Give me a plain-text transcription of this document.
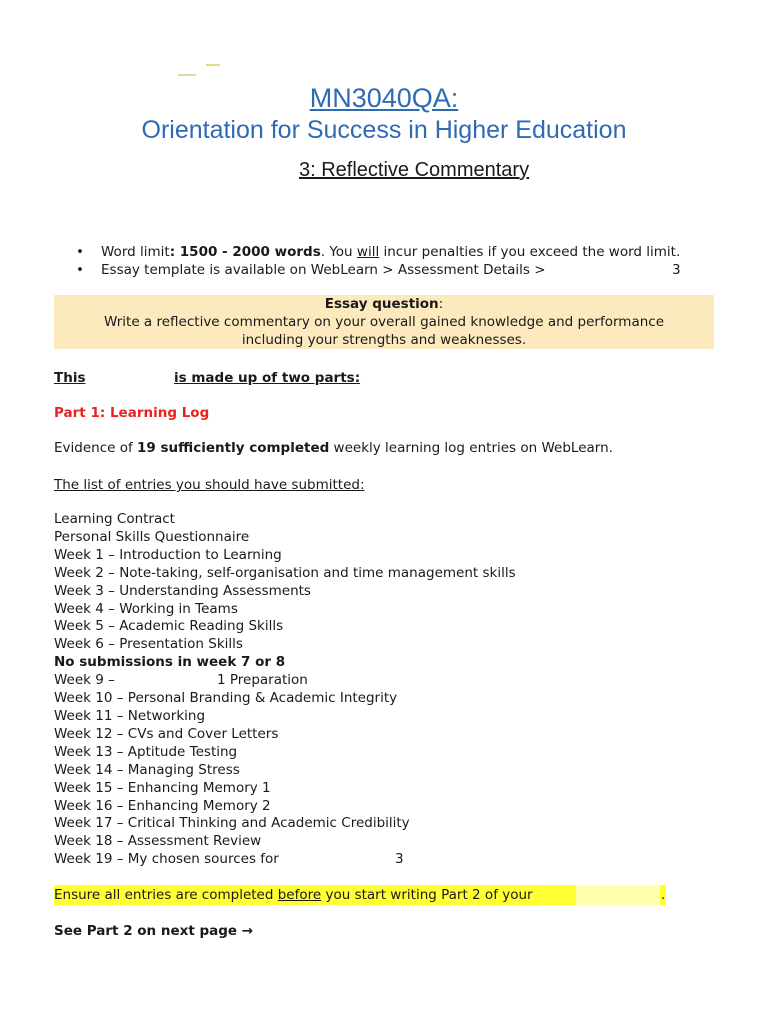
MN3040QA:
Orientation for Success in Higher Education
3: Reflective Commentary
• Word limit: 1500 - 2000 words. You will incur penalties if you exceed the word limit.
• Essay template is available on WebLearn > Assessment Details >	3
Essay question:
Write a reflective commentary on your overall gained knowledge and performance
including your strengths and weaknesses.
This	is made up of two parts:
Part 1: Learning Log
Evidence of 19 sufficiently completed weekly learning log entries on WebLearn.
The list of entries you should have submitted:
Learning Contract
Personal Skills Questionnaire
Week 1 – Introduction to Learning
Week 2 – Note-taking, self-organisation and time management skills
Week 3 – Understanding Assessments
Week 4 – Working in Teams
Week 5 – Academic Reading Skills
Week 6 – Presentation Skills
No submissions in week 7 or 8
Week 9 –	1 Preparation
Week 10 – Personal Branding & Academic Integrity
Week 11 – Networking
Week 12 – CVs and Cover Letters
Week 13 – Aptitude Testing
Week 14 – Managing Stress
Week 15 – Enhancing Memory 1
Week 16 – Enhancing Memory 2
Week 17 – Critical Thinking and Academic Credibility
Week 18 – Assessment Review
Week 19 – My chosen sources for	3
Ensure all entries are completed before you start writing Part 2 of your	.
See Part 2 on next page →
